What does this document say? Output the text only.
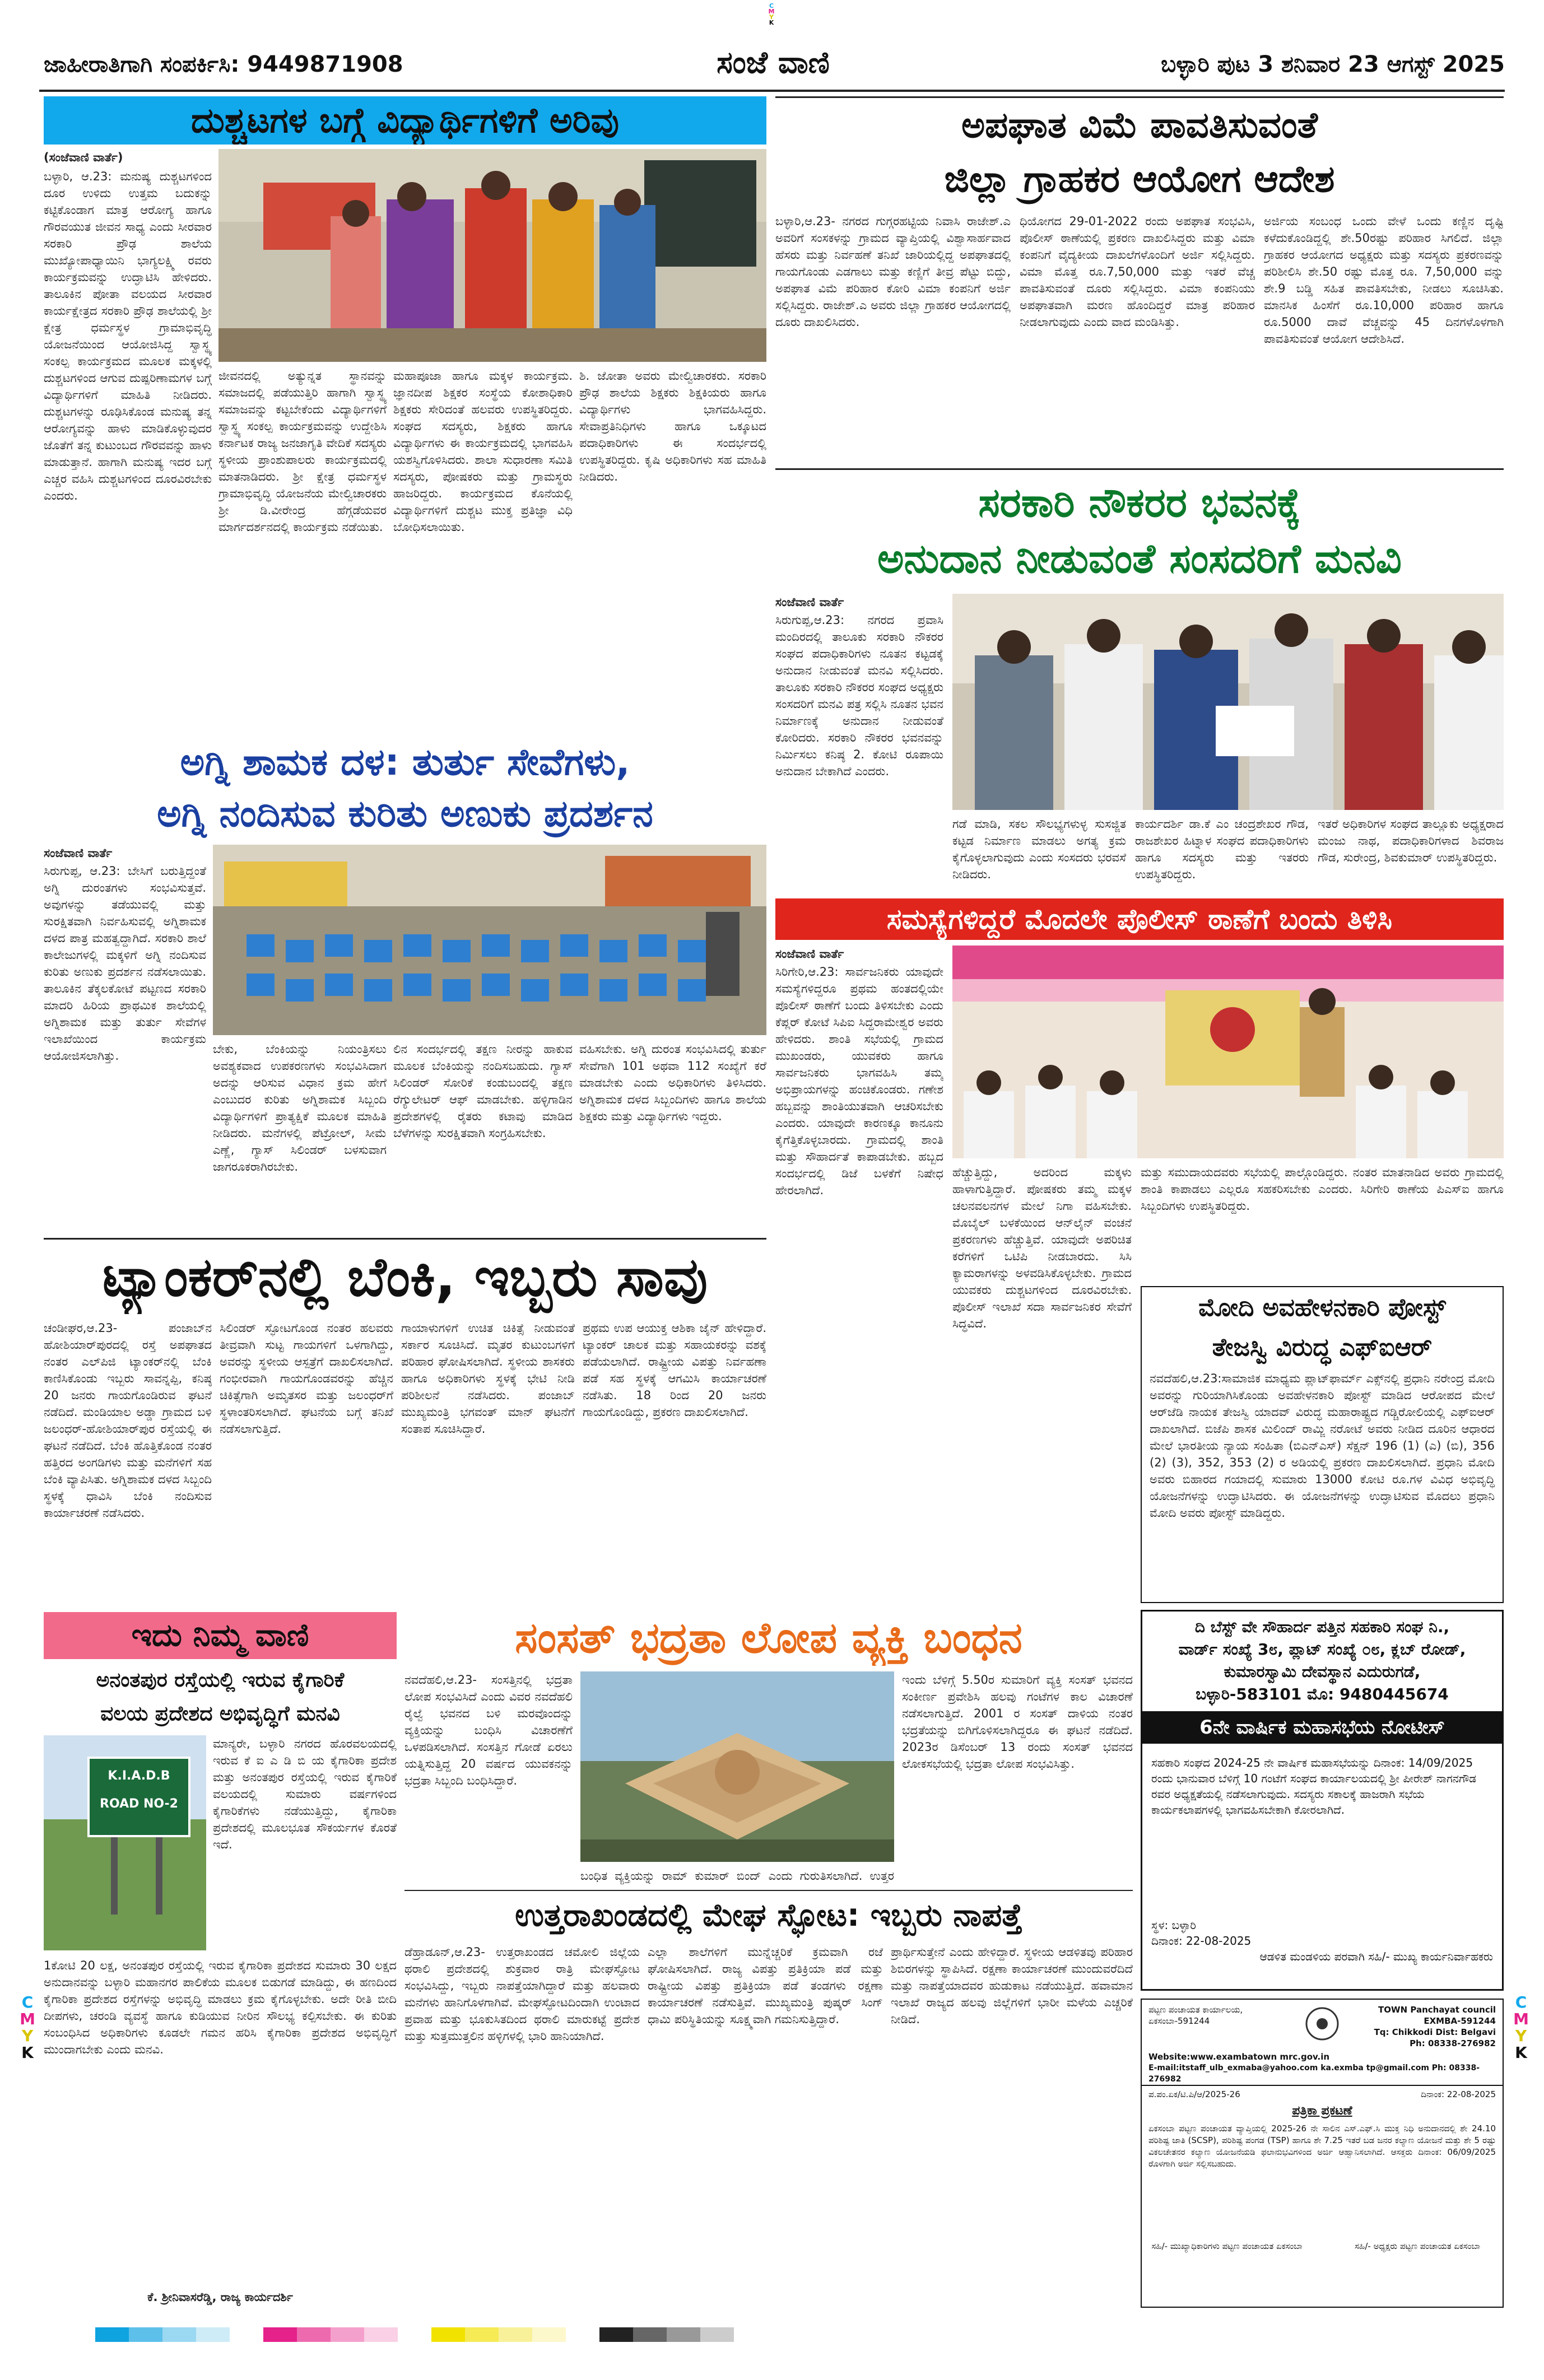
C
M
Y
K
ಜಾಹೀರಾತಿಗಾಗಿ ಸಂಪರ್ಕಿಸಿ: 9449871908	ಸಂಜೆ ವಾಣಿ	ಬಳ್ಳಾರಿ ಪುಟ 3 ಶನಿವಾರ 23 ಆಗಸ್ಟ್ 2025
ದುಶ್ಚಟಗಳ ಬಗ್ಗೆ ವಿದ್ಯಾರ್ಥಿಗಳಿಗೆ ಅರಿವು
(ಸಂಜೆವಾಣಿ ವಾರ್ತೆ)
ಬಳ್ಳಾರಿ, ಆ.23: ಮನುಷ್ಯ ದುಶ್ಚಟಗಳಿಂದ ದೂರ ಉಳಿದು ಉತ್ತಮ ಬದುಕನ್ನು ಕಟ್ಟಿಕೊಂಡಾಗ ಮಾತ್ರ ಆರೋಗ್ಯ ಹಾಗೂ ಗೌರವಯುತ ಜೀವನ ಸಾಧ್ಯ ಎಂದು ಸೀರವಾರ ಸರಕಾರಿ ಪ್ರೌಢ ಶಾಲೆಯ ಮುಖ್ಯೋಪಾಧ್ಯಾಯಿನಿ ಭಾಗ್ಯಲಕ್ಷ್ಮಿ ರವರು ಕಾರ್ಯಕ್ರಮವನ್ನು ಉದ್ಘಾಟಿಸಿ ಹೇಳಿದರು. ತಾಲೂಕಿನ ಪೋತಾ ವಲಯದ ಸೀರವಾರ ಕಾರ್ಯಕ್ಷೇತ್ರದ ಸರಕಾರಿ ಪ್ರೌಢ ಶಾಲೆಯಲ್ಲಿ ಶ್ರೀ ಕ್ಷೇತ್ರ ಧರ್ಮಸ್ಥಳ ಗ್ರಾಮಾಭಿವೃದ್ಧಿ ಯೋಜನೆಯಿಂದ ಆಯೋಜಿಸಿದ್ದ ಸ್ವಾಸ್ಥ್ಯ ಸಂಕಲ್ಪ ಕಾರ್ಯಕ್ರಮದ ಮೂಲಕ ಮಕ್ಕಳಲ್ಲಿ ದುಶ್ಚಟಗಳಿಂದ ಆಗುವ ದುಷ್ಪರಿಣಾಮಗಳ ಬಗ್ಗೆ ವಿದ್ಯಾರ್ಥಿಗಳಿಗೆ ಮಾಹಿತಿ ನೀಡಿದರು. ದುಶ್ಚಟಗಳನ್ನು ರೂಢಿಸಿಕೊಂಡ ಮನುಷ್ಯ ತನ್ನ ಆರೋಗ್ಯವನ್ನು ಹಾಳು ಮಾಡಿಕೊಳ್ಳುವುದರ ಜೊತೆಗೆ ತನ್ನ ಕುಟುಂಬದ ಗೌರವವನ್ನು ಹಾಳು ಮಾಡುತ್ತಾನೆ. ಹಾಗಾಗಿ ಮನುಷ್ಯ ಇದರ ಬಗ್ಗೆ ಎಚ್ಚರ ವಹಿಸಿ ದುಶ್ಚಟಗಳಿಂದ ದೂರವಿರಬೇಕು ಎಂದರು.
ಜೀವನದಲ್ಲಿ ಅತ್ಯುನ್ನತ ಸ್ಥಾನವನ್ನು ಸಮಾಜದಲ್ಲಿ ಪಡೆಯುತ್ತಿರಿ ಹಾಗಾಗಿ ಸ್ವಾಸ್ಥ್ಯ ಸಮಾಜವನ್ನು ಕಟ್ಟಬೇಕೆಂದು ವಿದ್ಯಾರ್ಥಿಗಳಿಗೆ ಸ್ವಾಸ್ಥ್ಯ ಸಂಕಲ್ಪ ಕಾರ್ಯಕ್ರಮವನ್ನು ಉದ್ದೇಶಿಸಿ ಕರ್ನಾಟಕ ರಾಜ್ಯ ಜನಜಾಗೃತಿ ವೇದಿಕೆ ಸದಸ್ಯರು ಸ್ಥಳೀಯ ಪ್ರಾಂಶುಪಾಲರು ಕಾರ್ಯಕ್ರಮದಲ್ಲಿ ಮಾತನಾಡಿದರು. ಶ್ರೀ ಕ್ಷೇತ್ರ ಧರ್ಮಸ್ಥಳ ಗ್ರಾಮಾಭಿವೃದ್ಧಿ ಯೋಜನೆಯ ಮೇಲ್ವಿಚಾರಕರು ಶ್ರೀ ಡಿ.ವೀರೇಂದ್ರ ಹೆಗ್ಗಡೆಯವರ ಮಾರ್ಗದರ್ಶನದಲ್ಲಿ ಕಾರ್ಯಕ್ರಮ ನಡೆಯಿತು.
ಮಹಾಪೂಜಾ ಹಾಗೂ ಮಕ್ಕಳ ಕಾರ್ಯಕ್ರಮ. ಜ್ಞಾನದೀಪ ಶಿಕ್ಷಕರ ಸಂಸ್ಥೆಯ ಕೋಶಾಧಿಕಾರಿ ಶಿಕ್ಷಕರು ಸೇರಿದಂತೆ ಹಲವರು ಉಪಸ್ಥಿತರಿದ್ದರು. ಸಂಘದ ಸದಸ್ಯರು, ಶಿಕ್ಷಕರು ಹಾಗೂ ವಿದ್ಯಾರ್ಥಿಗಳು ಈ ಕಾರ್ಯಕ್ರಮದಲ್ಲಿ ಭಾಗವಹಿಸಿ ಯಶಸ್ವಿಗೊಳಿಸಿದರು. ಶಾಲಾ ಸುಧಾರಣಾ ಸಮಿತಿ ಸದಸ್ಯರು, ಪೋಷಕರು ಮತ್ತು ಗ್ರಾಮಸ್ಥರು ಹಾಜರಿದ್ದರು. ಕಾರ್ಯಕ್ರಮದ ಕೊನೆಯಲ್ಲಿ ವಿದ್ಯಾರ್ಥಿಗಳಿಗೆ ದುಶ್ಚಟ ಮುಕ್ತ ಪ್ರತಿಜ್ಞಾ ವಿಧಿ ಬೋಧಿಸಲಾಯಿತು.
ಶಿ. ಜೋತಾ ಅವರು ಮೇಲ್ವಿಚಾರಕರು. ಸರಕಾರಿ ಪ್ರೌಢ ಶಾಲೆಯ ಶಿಕ್ಷಕರು ಶಿಕ್ಷಕಿಯರು ಹಾಗೂ ವಿದ್ಯಾರ್ಥಿಗಳು ಭಾಗವಹಿಸಿದ್ದರು. ಸೇವಾಪ್ರತಿನಿಧಿಗಳು ಹಾಗೂ ಒಕ್ಕೂಟದ ಪದಾಧಿಕಾರಿಗಳು ಈ ಸಂದರ್ಭದಲ್ಲಿ ಉಪಸ್ಥಿತರಿದ್ದರು. ಕೃಷಿ ಅಧಿಕಾರಿಗಳು ಸಹ ಮಾಹಿತಿ ನೀಡಿದರು.
ಅಪಘಾತ ವಿಮೆ ಪಾವತಿಸುವಂತೆ
ಜಿಲ್ಲಾ ಗ್ರಾಹಕರ ಆಯೋಗ ಆದೇಶ
ಬಳ್ಳಾರಿ,ಆ.23- ನಗರದ ಗುಗ್ಗರಹಟ್ಟಿಯ ನಿವಾಸಿ ರಾಜೇಶ್.ಎ ಅವರಿಗೆ ಸಂಸಕಳನ್ನು ಗ್ರಾಮದ ವ್ಯಾಪ್ತಿಯಲ್ಲಿ ವಿಶ್ವಾಸಾರ್ಹವಾದ ಹೆಸರು ಮತ್ತು ನಿರ್ವಹಣೆ ತನಿಖೆ ಜಾರಿಯಲ್ಲಿದ್ದ ಅಪಘಾತದಲ್ಲಿ ಗಾಯಗೊಂಡು ಎಡಗಾಲು ಮತ್ತು ಕಣ್ಣಿಗೆ ತೀವ್ರ ಪೆಟ್ಟು ಬಿದ್ದು, ಅಪಘಾತ ವಿಮೆ ಪರಿಹಾರ ಕೋರಿ ವಿಮಾ ಕಂಪನಿಗೆ ಅರ್ಜಿ ಸಲ್ಲಿಸಿದ್ದರು. ರಾಜೇಶ್.ಎ ಅವರು ಜಿಲ್ಲಾ ಗ್ರಾಹಕರ ಆಯೋಗದಲ್ಲಿ ದೂರು ದಾಖಲಿಸಿದರು.
ಧಿಯೋಗದ 29-01-2022 ರಂದು ಅಪಘಾತ ಸಂಭವಿಸಿ, ಪೊಲೀಸ್ ಠಾಣೆಯಲ್ಲಿ ಪ್ರಕರಣ ದಾಖಲಿಸಿದ್ದರು ಮತ್ತು ವಿಮಾ ಕಂಪನಿಗೆ ವೈದ್ಯಕೀಯ ದಾಖಲೆಗಳೊಂದಿಗೆ ಅರ್ಜಿ ಸಲ್ಲಿಸಿದ್ದರು. ವಿಮಾ ಮೊತ್ತ ರೂ.7,50,000 ಮತ್ತು ಇತರೆ ವೆಚ್ಚ ಪಾವತಿಸುವಂತೆ ದೂರು ಸಲ್ಲಿಸಿದ್ದರು. ವಿಮಾ ಕಂಪನಿಯು ಅಪಘಾತವಾಗಿ ಮರಣ ಹೊಂದಿದ್ದರೆ ಮಾತ್ರ ಪರಿಹಾರ ನೀಡಲಾಗುವುದು ಎಂದು ವಾದ ಮಂಡಿಸಿತ್ತು.
ಅರ್ಜಿಯ ಸಂಬಂಧ ಒಂದು ವೇಳೆ ಒಂದು ಕಣ್ಣಿನ ದೃಷ್ಟಿ ಕಳೆದುಕೊಂಡಿದ್ದಲ್ಲಿ ಶೇ.50ರಷ್ಟು ಪರಿಹಾರ ಸಿಗಲಿದೆ. ಜಿಲ್ಲಾ ಗ್ರಾಹಕರ ಆಯೋಗದ ಅಧ್ಯಕ್ಷರು ಮತ್ತು ಸದಸ್ಯರು ಪ್ರಕರಣವನ್ನು ಪರಿಶೀಲಿಸಿ ಶೇ.50 ರಷ್ಟು ಮೊತ್ತ ರೂ. 7,50,000 ವನ್ನು ಶೇ.9 ಬಡ್ಡಿ ಸಹಿತ ಪಾವತಿಸಬೇಕು, ನೀಡಲು ಸೂಚಿಸಿತು. ಮಾನಸಿಕ ಹಿಂಸೆಗೆ ರೂ.10,000 ಪರಿಹಾರ ಹಾಗೂ ರೂ.5000 ದಾವೆ ವೆಚ್ಚವನ್ನು 45 ದಿನಗಳೊಳಗಾಗಿ ಪಾವತಿಸುವಂತೆ ಆಯೋಗ ಆದೇಶಿಸಿದೆ.
ಸರಕಾರಿ ನೌಕರರ ಭವನಕ್ಕೆ
ಅನುದಾನ ನೀಡುವಂತೆ ಸಂಸದರಿಗೆ ಮನವಿ
ಸಂಜೆವಾಣಿ ವಾರ್ತೆ
ಸಿರುಗುಪ್ಪ,ಆ.23: ನಗರದ ಪ್ರವಾಸಿ ಮಂದಿರದಲ್ಲಿ ತಾಲೂಕು ಸರಕಾರಿ ನೌಕರರ ಸಂಘದ ಪದಾಧಿಕಾರಿಗಳು ನೂತನ ಕಟ್ಟಡಕ್ಕೆ ಅನುದಾನ ನೀಡುವಂತೆ ಮನವಿ ಸಲ್ಲಿಸಿದರು. ತಾಲೂಕು ಸರಕಾರಿ ನೌಕರರ ಸಂಘದ ಅಧ್ಯಕ್ಷರು ಸಂಸದರಿಗೆ ಮನವಿ ಪತ್ರ ಸಲ್ಲಿಸಿ ನೂತನ ಭವನ ನಿರ್ಮಾಣಕ್ಕೆ ಅನುದಾನ ನೀಡುವಂತೆ ಕೋರಿದರು. ಸರಕಾರಿ ನೌಕರರ ಭವನವನ್ನು ನಿರ್ಮಿಸಲು ಕನಿಷ್ಠ 2. ಕೋಟಿ ರೂಪಾಯಿ ಅನುದಾನ ಬೇಕಾಗಿದೆ ಎಂದರು.
ಗಡೆ ಮಾಡಿ, ಸಕಲ ಸೌಲಭ್ಯಗಳುಳ್ಳ ಸುಸಜ್ಜಿತ ಕಟ್ಟಡ ನಿರ್ಮಾಣ ಮಾಡಲು ಅಗತ್ಯ ಕ್ರಮ ಕೈಗೊಳ್ಳಲಾಗುವುದು ಎಂದು ಸಂಸದರು ಭರವಸೆ ನೀಡಿದರು.
ಕಾರ್ಯದರ್ಶಿ ಡಾ.ಕೆ ಎಂ ಚಂದ್ರಶೇಖರ ಗೌಡ, ರಾಜಶೇಖರ ಹಿಟ್ನಾಳ ಸಂಘದ ಪದಾಧಿಕಾರಿಗಳು ಹಾಗೂ ಸದಸ್ಯರು ಮತ್ತು ಇತರರು ಉಪಸ್ಥಿತರಿದ್ದರು.
ಇತರೆ ಅಧಿಕಾರಿಗಳ ಸಂಘದ ತಾಲ್ಲೂಕು ಅಧ್ಯಕ್ಷರಾದ ಮಂಜು ನಾಥ, ಪದಾಧಿಕಾರಿಗಳಾದ ಶಿವರಾಜ ಗೌಡ, ಸುರೇಂದ್ರ, ಶಿವಕುಮಾರ್ ಉಪಸ್ಥಿತರಿದ್ದರು.
ಅಗ್ನಿ ಶಾಮಕ ದಳ: ತುರ್ತು ಸೇವೆಗಳು,
ಅಗ್ನಿ ನಂದಿಸುವ ಕುರಿತು ಅಣುಕು ಪ್ರದರ್ಶನ
ಸಂಜೆವಾಣಿ ವಾರ್ತೆ
ಸಿರುಗುಪ್ಪ, ಆ.23: ಬೇಸಿಗೆ ಬರುತ್ತಿದ್ದಂತೆ ಅಗ್ನಿ ದುರಂತಗಳು ಸಂಭವಿಸುತ್ತವೆ. ಅವುಗಳನ್ನು ತಡೆಯುವಲ್ಲಿ ಮತ್ತು ಸುರಕ್ಷಿತವಾಗಿ ನಿರ್ವಹಿಸುವಲ್ಲಿ ಅಗ್ನಿಶಾಮಕ ದಳದ ಪಾತ್ರ ಮಹತ್ವದ್ದಾಗಿದೆ. ಸರಕಾರಿ ಶಾಲೆ ಕಾಲೇಜುಗಳಲ್ಲಿ ಮಕ್ಕಳಿಗೆ ಅಗ್ನಿ ನಂದಿಸುವ ಕುರಿತು ಅಣುಕು ಪ್ರದರ್ಶನ ನಡೆಸಲಾಯಿತು. ತಾಲೂಕಿನ ತೆಕ್ಕಲಕೋಟೆ ಪಟ್ಟಣದ ಸರಕಾರಿ ಮಾದರಿ ಹಿರಿಯ ಪ್ರಾಥಮಿಕ ಶಾಲೆಯಲ್ಲಿ ಅಗ್ನಿಶಾಮಕ ಮತ್ತು ತುರ್ತು ಸೇವೆಗಳ ಇಲಾಖೆಯಿಂದ ಕಾರ್ಯಕ್ರಮ ಆಯೋಜಿಸಲಾಗಿತ್ತು.	ಬೇಕು, ಬೆಂಕಿಯನ್ನು ನಿಯಂತ್ರಿಸಲು ಅವಶ್ಯಕವಾದ ಉಪಕರಣಗಳು ಸಂಭವಿಸಿದಾಗ ಅದನ್ನು ಆರಿಸುವ ವಿಧಾನ ಕ್ರಮ ಹೇಗೆ ಎಂಬುದರ ಕುರಿತು ಅಗ್ನಿಶಾಮಕ ಸಿಬ್ಬಂದಿ ವಿದ್ಯಾರ್ಥಿಗಳಿಗೆ ಪ್ರಾತ್ಯಕ್ಷಿಕೆ ಮೂಲಕ ಮಾಹಿತಿ ನೀಡಿದರು. ಮನೆಗಳಲ್ಲಿ ಪೆಟ್ರೋಲ್, ಸೀಮೆ ಎಣ್ಣೆ, ಗ್ಯಾಸ್ ಸಿಲಿಂಡರ್ ಬಳಸುವಾಗ ಜಾಗರೂಕರಾಗಿರಬೇಕು.
ಲಿನ ಸಂದರ್ಭದಲ್ಲಿ ತಕ್ಷಣ ನೀರನ್ನು ಹಾಕುವ ಮೂಲಕ ಬೆಂಕಿಯನ್ನು ನಂದಿಸಬಹುದು. ಗ್ಯಾಸ್ ಸಿಲಿಂಡರ್ ಸೋರಿಕೆ ಕಂಡುಬಂದಲ್ಲಿ ತಕ್ಷಣ ರೆಗ್ಯುಲೇಟರ್ ಆಫ್ ಮಾಡಬೇಕು. ಹಳ್ಳಿಗಾಡಿನ ಪ್ರದೇಶಗಳಲ್ಲಿ ರೈತರು ಕಟಾವು ಮಾಡಿದ ಬೆಳೆಗಳನ್ನು ಸುರಕ್ಷಿತವಾಗಿ ಸಂಗ್ರಹಿಸಬೇಕು.
ವಹಿಸಬೇಕು. ಅಗ್ನಿ ದುರಂತ ಸಂಭವಿಸಿದಲ್ಲಿ ತುರ್ತು ಸೇವೆಗಾಗಿ 101 ಅಥವಾ 112 ಸಂಖ್ಯೆಗೆ ಕರೆ ಮಾಡಬೇಕು ಎಂದು ಅಧಿಕಾರಿಗಳು ತಿಳಿಸಿದರು. ಅಗ್ನಿಶಾಮಕ ದಳದ ಸಿಬ್ಬಂದಿಗಳು ಹಾಗೂ ಶಾಲೆಯ ಶಿಕ್ಷಕರು ಮತ್ತು ವಿದ್ಯಾರ್ಥಿಗಳು ಇದ್ದರು.
ಸಮಸ್ಯೆಗಳಿದ್ದರೆ ಮೊದಲೇ ಪೊಲೀಸ್ ಠಾಣೆಗೆ ಬಂದು ತಿಳಿಸಿ
ಸಂಜೆವಾಣಿ ವಾರ್ತೆ
ಸಿರಿಗೇರಿ,ಆ.23: ಸಾರ್ವಜನಿಕರು ಯಾವುದೇ ಸಮಸ್ಯೆಗಳಿದ್ದರೂ ಪ್ರಥಮ ಹಂತದಲ್ಲಿಯೇ ಪೊಲೀಸ್ ಠಾಣೆಗೆ ಬಂದು ತಿಳಿಸಬೇಕು ಎಂದು ಕೆಪ್ಲರ್ ಕೋಟೆ ಸಿಪಿಐ ಸಿದ್ದರಾಮೇಶ್ವರ ಅವರು ಹೇಳಿದರು. ಶಾಂತಿ ಸಭೆಯಲ್ಲಿ ಗ್ರಾಮದ ಮುಖಂಡರು, ಯುವಕರು ಹಾಗೂ ಸಾರ್ವಜನಿಕರು ಭಾಗವಹಿಸಿ ತಮ್ಮ ಅಭಿಪ್ರಾಯಗಳನ್ನು ಹಂಚಿಕೊಂಡರು. ಗಣೇಶ ಹಬ್ಬವನ್ನು ಶಾಂತಿಯುತವಾಗಿ ಆಚರಿಸಬೇಕು ಎಂದರು. ಯಾವುದೇ ಕಾರಣಕ್ಕೂ ಕಾನೂನು ಕೈಗೆತ್ತಿಕೊಳ್ಳಬಾರದು. ಗ್ರಾಮದಲ್ಲಿ ಶಾಂತಿ ಮತ್ತು ಸೌಹಾರ್ದತೆ ಕಾಪಾಡಬೇಕು. ಹಬ್ಬದ ಸಂದರ್ಭದಲ್ಲಿ ಡಿಜೆ ಬಳಕೆಗೆ ನಿಷೇಧ ಹೇರಲಾಗಿದೆ.
ಹೆಚ್ಚುತ್ತಿದ್ದು, ಅದರಿಂದ ಮಕ್ಕಳು ಹಾಳಾಗುತ್ತಿದ್ದಾರೆ. ಪೋಷಕರು ತಮ್ಮ ಮಕ್ಕಳ ಚಲನವಲನಗಳ ಮೇಲೆ ನಿಗಾ ವಹಿಸಬೇಕು. ಮೊಬೈಲ್ ಬಳಕೆಯಿಂದ ಆನ್‌ಲೈನ್ ವಂಚನೆ ಪ್ರಕರಣಗಳು ಹೆಚ್ಚುತ್ತಿವೆ. ಯಾವುದೇ ಅಪರಿಚಿತ ಕರೆಗಳಿಗೆ ಒಟಿಪಿ ನೀಡಬಾರದು. ಸಿಸಿ ಕ್ಯಾಮರಾಗಳನ್ನು ಅಳವಡಿಸಿಕೊಳ್ಳಬೇಕು. ಗ್ರಾಮದ ಯುವಕರು ದುಶ್ಚಟಗಳಿಂದ ದೂರವಿರಬೇಕು. ಪೊಲೀಸ್ ಇಲಾಖೆ ಸದಾ ಸಾರ್ವಜನಿಕರ ಸೇವೆಗೆ ಸಿದ್ಧವಿದೆ.
ಮತ್ತು ಸಮುದಾಯದವರು ಸಭೆಯಲ್ಲಿ ಪಾಲ್ಗೊಂಡಿದ್ದರು. ನಂತರ ಮಾತನಾಡಿದ ಅವರು ಗ್ರಾಮದಲ್ಲಿ ಶಾಂತಿ ಕಾಪಾಡಲು ಎಲ್ಲರೂ ಸಹಕರಿಸಬೇಕು ಎಂದರು. ಸಿರಿಗೇರಿ ಠಾಣೆಯ ಪಿಎಸ್ಐ ಹಾಗೂ ಸಿಬ್ಬಂದಿಗಳು ಉಪಸ್ಥಿತರಿದ್ದರು.
ಮೋದಿ ಅವಹೇಳನಕಾರಿ ಪೋಸ್ಟ್
ತೇಜಸ್ವಿ ವಿರುದ್ಧ ಎಫ್‌ಐಆರ್
ನವದೆಹಲಿ,ಆ.23:ಸಾಮಾಜಿಕ ಮಾಧ್ಯಮ ಪ್ಲಾಟ್‌ಫಾರ್ಮ್ ಎಕ್ಸ್‌ನಲ್ಲಿ ಪ್ರಧಾನಿ ನರೇಂದ್ರ ಮೋದಿ ಅವರನ್ನು ಗುರಿಯಾಗಿಸಿಕೊಂಡು ಅವಹೇಳನಕಾರಿ ಪೋಸ್ಟ್ ಮಾಡಿದ ಆರೋಪದ ಮೇಲೆ ಆರ್‌ಜೆಡಿ ನಾಯಕ ತೇಜಸ್ವಿ ಯಾದವ್ ವಿರುದ್ಧ ಮಹಾರಾಷ್ಟ್ರದ ಗಡ್ಚಿರೋಲಿಯಲ್ಲಿ ಎಫ್‌ಐಆರ್ ದಾಖಲಾಗಿದೆ. ಬಿಜೆಪಿ ಶಾಸಕ ಮಿಲಿಂದ್ ರಾಮ್ಜಿ ನರೋಟೆ ಅವರು ನೀಡಿದ ದೂರಿನ ಆಧಾರದ ಮೇಲೆ ಭಾರತೀಯ ನ್ಯಾಯ ಸಂಹಿತಾ (ಬಿಎನ್ಎಸ್) ಸೆಕ್ಷನ್ 196 (1) (ಎ) (ಬಿ), 356 (2) (3), 352, 353 (2) ರ ಅಡಿಯಲ್ಲಿ ಪ್ರಕರಣ ದಾಖಲಿಸಲಾಗಿದೆ. ಪ್ರಧಾನಿ ಮೋದಿ ಅವರು ಬಿಹಾರದ ಗಯಾದಲ್ಲಿ ಸುಮಾರು 13000 ಕೋಟಿ ರೂ.ಗಳ ವಿವಿಧ ಅಭಿವೃದ್ಧಿ ಯೋಜನೆಗಳನ್ನು ಉದ್ಘಾಟಿಸಿದರು. ಈ ಯೋಜನೆಗಳನ್ನು ಉದ್ಘಾಟಿಸುವ ಮೊದಲು ಪ್ರಧಾನಿ ಮೋದಿ ಅವರು ಪೋಸ್ಟ್ ಮಾಡಿದ್ದರು.
ಟ್ಯಾಂಕರ್‌ನಲ್ಲಿ ಬೆಂಕಿ, ಇಬ್ಬರು ಸಾವು
ಚಂಡೀಘರ,ಆ.23- ಪಂಜಾಬ್‌ನ ಹೋಶಿಯಾರ್‌ಪುರದಲ್ಲಿ ರಸ್ತೆ ಅಪಘಾತದ ನಂತರ ಎಲ್‌ಪಿಜಿ ಟ್ಯಾಂಕರ್‌ನಲ್ಲಿ ಬೆಂಕಿ ಕಾಣಿಸಿಕೊಂಡು ಇಬ್ಬರು ಸಾವನ್ನಪ್ಪಿ, ಕನಿಷ್ಠ 20 ಜನರು ಗಾಯಗೊಂಡಿರುವ ಘಟನೆ ನಡೆದಿದೆ. ಮಂಡಿಯಾಲ ಅಡ್ಡಾ ಗ್ರಾಮದ ಬಳಿ ಜಲಂಧರ್-ಹೋಶಿಯಾರ್‌ಪುರ ರಸ್ತೆಯಲ್ಲಿ ಈ ಘಟನೆ ನಡೆದಿದೆ. ಬೆಂಕಿ ಹೊತ್ತಿಕೊಂಡ ನಂತರ ಹತ್ತಿರದ ಅಂಗಡಿಗಳು ಮತ್ತು ಮನೆಗಳಿಗೆ ಸಹ ಬೆಂಕಿ ವ್ಯಾಪಿಸಿತು. ಅಗ್ನಿಶಾಮಕ ದಳದ ಸಿಬ್ಬಂದಿ ಸ್ಥಳಕ್ಕೆ ಧಾವಿಸಿ ಬೆಂಕಿ ನಂದಿಸುವ ಕಾರ್ಯಾಚರಣೆ ನಡೆಸಿದರು.
ಸಿಲಿಂಡರ್ ಸ್ಫೋಟಗೊಂಡ ನಂತರ ಹಲವರು ತೀವ್ರವಾಗಿ ಸುಟ್ಟ ಗಾಯಗಳಿಗೆ ಒಳಗಾಗಿದ್ದು, ಅವರನ್ನು ಸ್ಥಳೀಯ ಆಸ್ಪತ್ರೆಗೆ ದಾಖಲಿಸಲಾಗಿದೆ. ಗಂಭೀರವಾಗಿ ಗಾಯಗೊಂಡವರನ್ನು ಹೆಚ್ಚಿನ ಚಿಕಿತ್ಸೆಗಾಗಿ ಅಮೃತಸರ ಮತ್ತು ಜಲಂಧರ್‌ಗೆ ಸ್ಥಳಾಂತರಿಸಲಾಗಿದೆ. ಘಟನೆಯ ಬಗ್ಗೆ ತನಿಖೆ ನಡೆಸಲಾಗುತ್ತಿದೆ.
ಗಾಯಾಳುಗಳಿಗೆ ಉಚಿತ ಚಿಕಿತ್ಸೆ ನೀಡುವಂತೆ ಸರ್ಕಾರ ಸೂಚಿಸಿದೆ. ಮೃತರ ಕುಟುಂಬಗಳಿಗೆ ಪರಿಹಾರ ಘೋಷಿಸಲಾಗಿದೆ. ಸ್ಥಳೀಯ ಶಾಸಕರು ಹಾಗೂ ಅಧಿಕಾರಿಗಳು ಸ್ಥಳಕ್ಕೆ ಭೇಟಿ ನೀಡಿ ಪರಿಶೀಲನೆ ನಡೆಸಿದರು. ಪಂಜಾಬ್ ಮುಖ್ಯಮಂತ್ರಿ ಭಗವಂತ್ ಮಾನ್ ಘಟನೆಗೆ ಸಂತಾಪ ಸೂಚಿಸಿದ್ದಾರೆ.
ಪ್ರಥಮ ಉಪ ಆಯುಕ್ತ ಆಶಿಕಾ ಜೈನ್ ಹೇಳಿದ್ದಾರೆ. ಟ್ಯಾಂಕರ್ ಚಾಲಕ ಮತ್ತು ಸಹಾಯಕರನ್ನು ವಶಕ್ಕೆ ಪಡೆಯಲಾಗಿದೆ. ರಾಷ್ಟ್ರೀಯ ವಿಪತ್ತು ನಿರ್ವಹಣಾ ಪಡೆ ಸಹ ಸ್ಥಳಕ್ಕೆ ಆಗಮಿಸಿ ಕಾರ್ಯಾಚರಣೆ ನಡೆಸಿತು. 18 ರಿಂದ 20 ಜನರು ಗಾಯಗೊಂಡಿದ್ದು, ಪ್ರಕರಣ ದಾಖಲಿಸಲಾಗಿದೆ.
ಇದು ನಿಮ್ಮ ವಾಣಿ
ಅನಂತಪುರ ರಸ್ತೆಯಲ್ಲಿ ಇರುವ ಕೈಗಾರಿಕೆ
ವಲಯ ಪ್ರದೇಶದ ಅಭಿವೃದ್ಧಿಗೆ ಮನವಿ
K.I.A.D.B
ROAD NO-2
ಮಾನ್ಯರೇ, ಬಳ್ಳಾರಿ ನಗರದ ಹೊರವಲಯದಲ್ಲಿ ಇರುವ ಕೆ ಐ ಎ ಡಿ ಬಿ ಯ ಕೈಗಾರಿಕಾ ಪ್ರದೇಶ ಮತ್ತು ಅನಂತಪುರ ರಸ್ತೆಯಲ್ಲಿ ಇರುವ ಕೈಗಾರಿಕೆ ವಲಯದಲ್ಲಿ ಸುಮಾರು ವರ್ಷಗಳಿಂದ ಕೈಗಾರಿಕೆಗಳು ನಡೆಯುತ್ತಿದ್ದು, ಕೈಗಾರಿಕಾ ಪ್ರದೇಶದಲ್ಲಿ ಮೂಲಭೂತ ಸೌಕರ್ಯಗಳ ಕೊರತೆ ಇದೆ.
1ಕೋಟಿ 20 ಲಕ್ಷ, ಅನಂತಪುರ ರಸ್ತೆಯಲ್ಲಿ ಇರುವ ಕೈಗಾರಿಕಾ ಪ್ರದೇಶದ ಸುಮಾರು 30 ಲಕ್ಷದ ಅನುದಾನವನ್ನು ಬಳ್ಳಾರಿ ಮಹಾನಗರ ಪಾಲಿಕೆಯ ಮೂಲಕ ಬಿಡುಗಡೆ ಮಾಡಿದ್ದು, ಈ ಹಣದಿಂದ ಕೈಗಾರಿಕಾ ಪ್ರದೇಶದ ರಸ್ತೆಗಳನ್ನು ಅಭಿವೃದ್ಧಿ ಮಾಡಲು ಕ್ರಮ ಕೈಗೊಳ್ಳಬೇಕು. ಅದೇ ರೀತಿ ಬೀದಿ ದೀಪಗಳು, ಚರಂಡಿ ವ್ಯವಸ್ಥೆ ಹಾಗೂ ಕುಡಿಯುವ ನೀರಿನ ಸೌಲಭ್ಯ ಕಲ್ಪಿಸಬೇಕು. ಈ ಕುರಿತು ಸಂಬಂಧಿಸಿದ ಅಧಿಕಾರಿಗಳು ಕೂಡಲೇ ಗಮನ ಹರಿಸಿ ಕೈಗಾರಿಕಾ ಪ್ರದೇಶದ ಅಭಿವೃದ್ಧಿಗೆ ಮುಂದಾಗಬೇಕು ಎಂದು ಮನವಿ.
ಕೆ. ಶ್ರೀನಿವಾಸರೆಡ್ಡಿ, ರಾಜ್ಯ ಕಾರ್ಯದರ್ಶಿ
ಸಂಸತ್ ಭದ್ರತಾ ಲೋಪ ವ್ಯಕ್ತಿ ಬಂಧನ
ನವದೆಹಲಿ,ಆ.23- ಸಂಸತ್ತಿನಲ್ಲಿ ಭದ್ರತಾ ಲೋಪ ಸಂಭವಿಸಿದೆ ಎಂದು ವಿವರ ನವದೆಹಲಿ ರೈಲ್ವೆ ಭವನದ ಬಳಿ ಮರವೊಂದನ್ನು ವ್ಯಕ್ತಿಯನ್ನು ಬಂಧಿಸಿ ವಿಚಾರಣೆಗೆ ಒಳಪಡಿಸಲಾಗಿದೆ. ಸಂಸತ್ತಿನ ಗೋಡೆ ಏರಲು ಯತ್ನಿಸುತ್ತಿದ್ದ 20 ವರ್ಷದ ಯುವಕನನ್ನು ಭದ್ರತಾ ಸಿಬ್ಬಂದಿ ಬಂಧಿಸಿದ್ದಾರೆ.
ಬಂಧಿತ ವ್ಯಕ್ತಿಯನ್ನು ರಾಮ್ ಕುಮಾರ್ ಬಿಂದ್ ಎಂದು ಗುರುತಿಸಲಾಗಿದೆ. ಉತ್ತರ
ಇಂದು ಬೆಳಿಗ್ಗೆ 5.50ರ ಸುಮಾರಿಗೆ ವ್ಯಕ್ತಿ ಸಂಸತ್ ಭವನದ ಸಂಕೀರ್ಣ ಪ್ರವೇಶಿಸಿ ಹಲವು ಗಂಟೆಗಳ ಕಾಲ ವಿಚಾರಣೆ ನಡೆಸಲಾಗುತ್ತಿದೆ. 2001 ರ ಸಂಸತ್ ದಾಳಿಯ ನಂತರ ಭದ್ರತೆಯನ್ನು ಬಿಗಿಗೊಳಿಸಲಾಗಿದ್ದರೂ ಈ ಘಟನೆ ನಡೆದಿದೆ. 2023ರ ಡಿಸೆಂಬರ್ 13 ರಂದು ಸಂಸತ್ ಭವನದ ಲೋಕಸಭೆಯಲ್ಲಿ ಭದ್ರತಾ ಲೋಪ ಸಂಭವಿಸಿತ್ತು.
ಉತ್ತರಾಖಂಡದಲ್ಲಿ ಮೇಘ ಸ್ಫೋಟ: ಇಬ್ಬರು ನಾಪತ್ತೆ
ಡೆಹ್ರಾಡೂನ್,ಆ.23- ಉತ್ತರಾಖಂಡದ ಚಮೋಲಿ ಜಿಲ್ಲೆಯ ಥರಾಲಿ ಪ್ರದೇಶದಲ್ಲಿ ಶುಕ್ರವಾರ ರಾತ್ರಿ ಮೇಘಸ್ಫೋಟ ಸಂಭವಿಸಿದ್ದು, ಇಬ್ಬರು ನಾಪತ್ತೆಯಾಗಿದ್ದಾರೆ ಮತ್ತು ಹಲವಾರು ಮನೆಗಳು ಹಾನಿಗೊಳಗಾಗಿವೆ. ಮೇಘಸ್ಫೋಟದಿಂದಾಗಿ ಉಂಟಾದ ಪ್ರವಾಹ ಮತ್ತು ಭೂಕುಸಿತದಿಂದ ಥರಾಲಿ ಮಾರುಕಟ್ಟೆ ಪ್ರದೇಶ ಮತ್ತು ಸುತ್ತಮುತ್ತಲಿನ ಹಳ್ಳಿಗಳಲ್ಲಿ ಭಾರಿ ಹಾನಿಯಾಗಿದೆ.
ಎಲ್ಲಾ ಶಾಲೆಗಳಿಗೆ ಮುನ್ನೆಚ್ಚರಿಕೆ ಕ್ರಮವಾಗಿ ರಜೆ ಘೋಷಿಸಲಾಗಿದೆ. ರಾಜ್ಯ ವಿಪತ್ತು ಪ್ರತಿಕ್ರಿಯಾ ಪಡೆ ಮತ್ತು ರಾಷ್ಟ್ರೀಯ ವಿಪತ್ತು ಪ್ರತಿಕ್ರಿಯಾ ಪಡೆ ತಂಡಗಳು ರಕ್ಷಣಾ ಕಾರ್ಯಾಚರಣೆ ನಡೆಸುತ್ತಿವೆ. ಮುಖ್ಯಮಂತ್ರಿ ಪುಷ್ಕರ್ ಸಿಂಗ್ ಧಾಮಿ ಪರಿಸ್ಥಿತಿಯನ್ನು ಸೂಕ್ಷ್ಮವಾಗಿ ಗಮನಿಸುತ್ತಿದ್ದಾರೆ.
ಪ್ರಾರ್ಥಿಸುತ್ತೇನೆ ಎಂದು ಹೇಳಿದ್ದಾರೆ. ಸ್ಥಳೀಯ ಆಡಳಿತವು ಪರಿಹಾರ ಶಿಬಿರಗಳನ್ನು ಸ್ಥಾಪಿಸಿದೆ. ರಕ್ಷಣಾ ಕಾರ್ಯಾಚರಣೆ ಮುಂದುವರೆದಿದೆ ಮತ್ತು ನಾಪತ್ತೆಯಾದವರ ಹುಡುಕಾಟ ನಡೆಯುತ್ತಿದೆ. ಹವಾಮಾನ ಇಲಾಖೆ ರಾಜ್ಯದ ಹಲವು ಜಿಲ್ಲೆಗಳಿಗೆ ಭಾರೀ ಮಳೆಯ ಎಚ್ಚರಿಕೆ ನೀಡಿದೆ.
ದಿ ಬೆಸ್ಟ್ ವೇ ಸೌಹಾರ್ದ ಪತ್ತಿನ ಸಹಕಾರಿ ಸಂಘ ನಿ.,
ವಾರ್ಡ್ ಸಂಖ್ಯೆ 3೮, ಪ್ಲಾಟ್ ಸಂಖ್ಯೆ ೦೮, ಕ್ಲಬ್ ರೋಡ್,
ಕುಮಾರಸ್ವಾಮಿ ದೇವಸ್ಥಾನ ಎದುರುಗಡೆ,
ಬಳ್ಳಾರಿ-583101 ಮೊ: 9480445674
6ನೇ ವಾರ್ಷಿಕ ಮಹಾಸಭೆಯ ನೋಟೀಸ್
ಸಹಕಾರಿ ಸಂಘದ 2024-25 ನೇ ವಾರ್ಷಿಕ ಮಹಾಸಭೆಯನ್ನು ದಿನಾಂಕ: 14/09/2025 ರಂದು ಭಾನುವಾರ ಬೆಳಿಗ್ಗೆ 10 ಗಂಟೆಗೆ ಸಂಘದ ಕಾರ್ಯಾಲಯದಲ್ಲಿ ಶ್ರೀ ಪೀರೇಶ್ ನಾಗನಗೌಡ ರವರ ಅಧ್ಯಕ್ಷತೆಯಲ್ಲಿ ನಡೆಸಲಾಗುವುದು. ಸದಸ್ಯರು ಸಕಾಲಕ್ಕೆ ಹಾಜರಾಗಿ ಸಭೆಯ ಕಾರ್ಯಕಲಾಪಗಳಲ್ಲಿ ಭಾಗವಹಿಸಬೇಕಾಗಿ ಕೋರಲಾಗಿದೆ.
ಸ್ಥಳ: ಬಳ್ಳಾರಿ
ದಿನಾಂಕ: 22-08-2025
ಆಡಳಿತ ಮಂಡಳಿಯ ಪರವಾಗಿ ಸಹಿ/- ಮುಖ್ಯ ಕಾರ್ಯನಿರ್ವಾಹಕರು
ಪಟ್ಟಣ ಪಂಚಾಯತ ಕಾರ್ಯಾಲಯ, ಏಕಸಂಬಾ-591244
TOWN Panchayat council EXMBA-591244
Tq: Chikkodi Dist: Belgavi
Ph: 08338-276982
Website:www.exambatown mrc.gov.in
E-mail:itstaff_ulb_exmaba@yahoo.com ka.exmba tp@gmail.com Ph: 08338-276982
ಪ.ಪಂ.ಏಕ/ಟಿ.ಪಿ/ಆ/2025-26	ದಿನಾಂಕ: 22-08-2025
ಪತ್ರಿಕಾ ಪ್ರಕಟಣೆ
ಏಕಸಂಬಾ ಪಟ್ಟಣ ಪಂಚಾಯತ ವ್ಯಾಪ್ತಿಯಲ್ಲಿ 2025-26 ನೇ ಸಾಲಿನ ಎಸ್.ಎಫ್.ಸಿ ಮುಕ್ತ ನಿಧಿ ಅನುದಾನದಲ್ಲಿ ಶೇ 24.10 ಪರಿಶಿಷ್ಟ ಜಾತಿ (SCSP), ಪರಿಶಿಷ್ಟ ಪಂಗಡ (TSP) ಹಾಗೂ ಶೇ 7.25 ಇತರೆ ಬಡ ಜನರ ಕಲ್ಯಾಣ ಯೋಜನೆ ಮತ್ತು ಶೇ 5 ರಷ್ಟು ವಿಕಲಚೇತನರ ಕಲ್ಯಾಣ ಯೋಜನೆಯಡಿ ಫಲಾನುಭವಿಗಳಿಂದ ಅರ್ಜಿ ಆಹ್ವಾನಿಸಲಾಗಿದೆ. ಆಸಕ್ತರು ದಿನಾಂಕ: 06/09/2025 ರೊಳಗಾಗಿ ಅರ್ಜಿ ಸಲ್ಲಿಸಬಹುದು.
ಸಹಿ/- ಮುಖ್ಯಾಧಿಕಾರಿಗಳು ಪಟ್ಟಣ ಪಂಚಾಯತ ಏಕಸಂಬಾ	ಸಹಿ/- ಅಧ್ಯಕ್ಷರು ಪಟ್ಟಣ ಪಂಚಾಯತ ಏಕಸಂಬಾ
C
M
Y
K
C
M
Y
K
